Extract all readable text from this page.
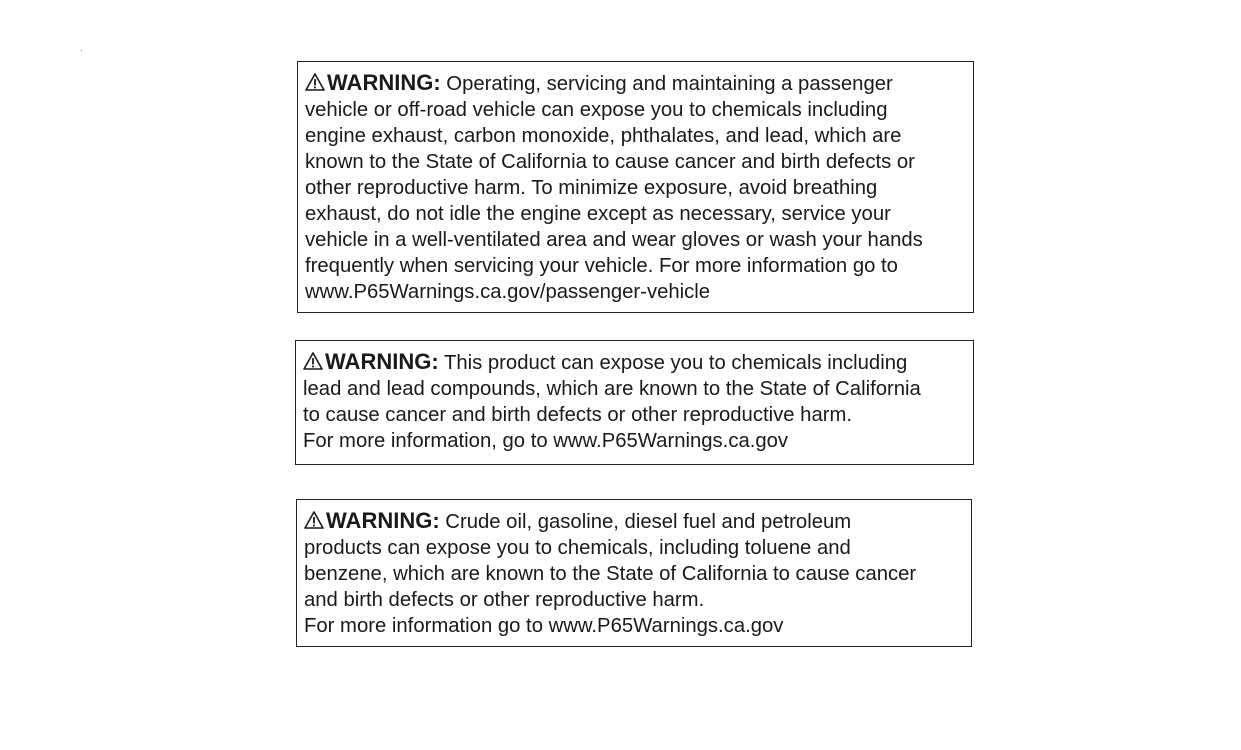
WARNING: Operating, servicing and maintaining a passenger
vehicle or off-road vehicle can expose you to chemicals including
engine exhaust, carbon monoxide, phthalates, and lead, which are
known to the State of California to cause cancer and birth defects or
other reproductive harm. To minimize exposure, avoid breathing
exhaust, do not idle the engine except as necessary, service your
vehicle in a well-ventilated area and wear gloves or wash your hands
frequently when servicing your vehicle. For more information go to
www.P65Warnings.ca.gov/passenger-vehicle
WARNING: This product can expose you to chemicals including
lead and lead compounds, which are known to the State of California
to cause cancer and birth defects or other reproductive harm.
For more information, go to www.P65Warnings.ca.gov
WARNING: Crude oil, gasoline, diesel fuel and petroleum
products can expose you to chemicals, including toluene and
benzene, which are known to the State of California to cause cancer
and birth defects or other reproductive harm.
For more information go to www.P65Warnings.ca.gov
